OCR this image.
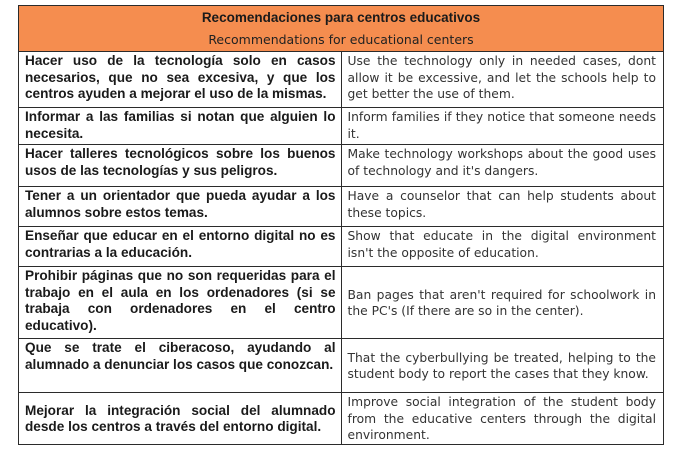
Recomendaciones para centros educativos
Recommendations for educational centers	

Hacer uso de la tecnología solo en casos necesarios, que no sea excesiva, y que los centros ayuden a mejorar el uso de la mismas.	Use the technology only in needed cases, dont allow it be excessive, and let the schools help to get better the use of them.
Informar a las familias si notan que alguien lo necesita.	Inform families if they notice that someone needs it.
Hacer talleres tecnológicos sobre los buenos usos de las tecnologías y sus peligros.	Make technology workshops about the good uses of technology and it's dangers.
Tener a un orientador que pueda ayudar a los alumnos sobre estos temas.	Have a counselor that can help students about these topics.
Enseñar que educar en el entorno digital no es contrarias a la educación.	Show that educate in the digital environment isn't the opposite of education.
Prohibir páginas que no son requeridas para el trabajo en el aula en los ordenadores (si se trabaja con ordenadores en el centro educativo).	Ban pages that aren't required for schoolwork in the PC's (If there are so in the center).
Que se trate el ciberacoso, ayudando al alumnado a denunciar los casos que conozcan.	That the cyberbullying be treated, helping to the student body to report the cases that they know.
Mejorar la integración social del alumnado desde los centros a través del entorno digital.	Improve social integration of the student body from the educative centers through the digital environment.
